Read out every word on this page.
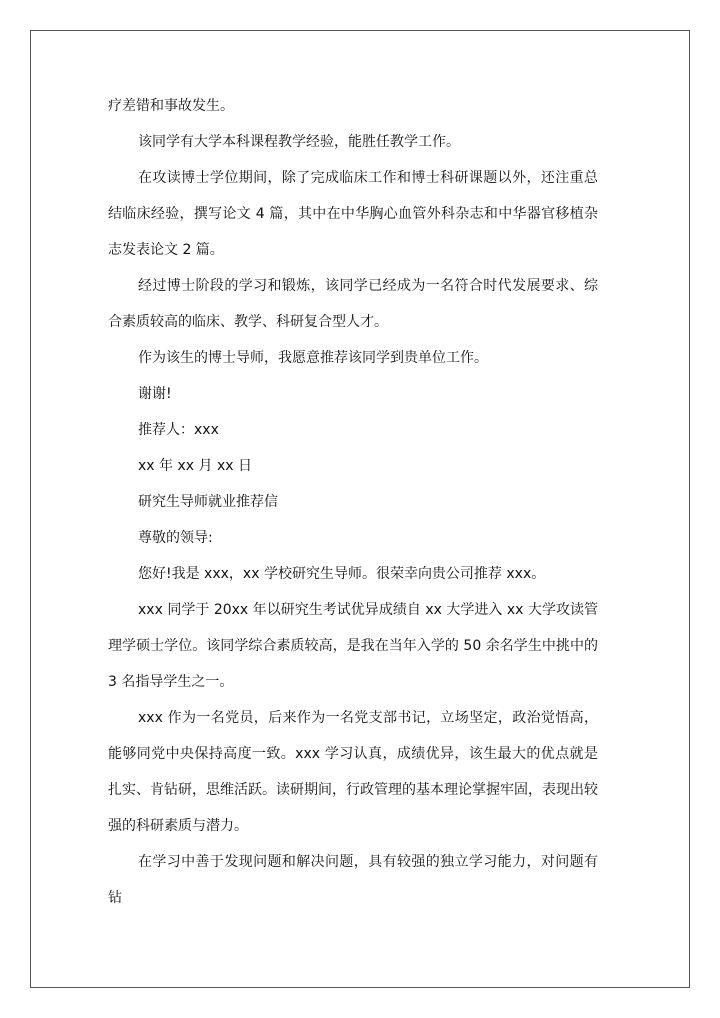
疗差错和事故发生。

该同学有大学本科课程教学经验，能胜任教学工作。

在攻读博士学位期间，除了完成临床工作和博士科研课题以外，还注重总结临床经验，撰写论文 4 篇，其中在中华胸心血管外科杂志和中华器官移植杂志发表论文 2 篇。

经过博士阶段的学习和锻炼，该同学已经成为一名符合时代发展要求、综合素质较高的临床、教学、科研复合型人才。

作为该生的博士导师，我愿意推荐该同学到贵单位工作。

谢谢!

推荐人：xxx

xx 年 xx 月 xx 日

研究生导师就业推荐信

尊敬的领导:

您好!我是 xxx，xx 学校研究生导师。很荣幸向贵公司推荐 xxx。

xxx 同学于 20xx 年以研究生考试优异成绩自 xx 大学进入 xx 大学攻读管理学硕士学位。该同学综合素质较高，是我在当年入学的 50 余名学生中挑中的 3 名指导学生之一。

xxx 作为一名党员，后来作为一名党支部书记，立场坚定，政治觉悟高，能够同党中央保持高度一致。xxx 学习认真，成绩优异，该生最大的优点就是扎实、肯钻研，思维活跃。读研期间，行政管理的基本理论掌握牢固，表现出较强的科研素质与潜力。

在学习中善于发现问题和解决问题，具有较强的独立学习能力，对问题有钻
